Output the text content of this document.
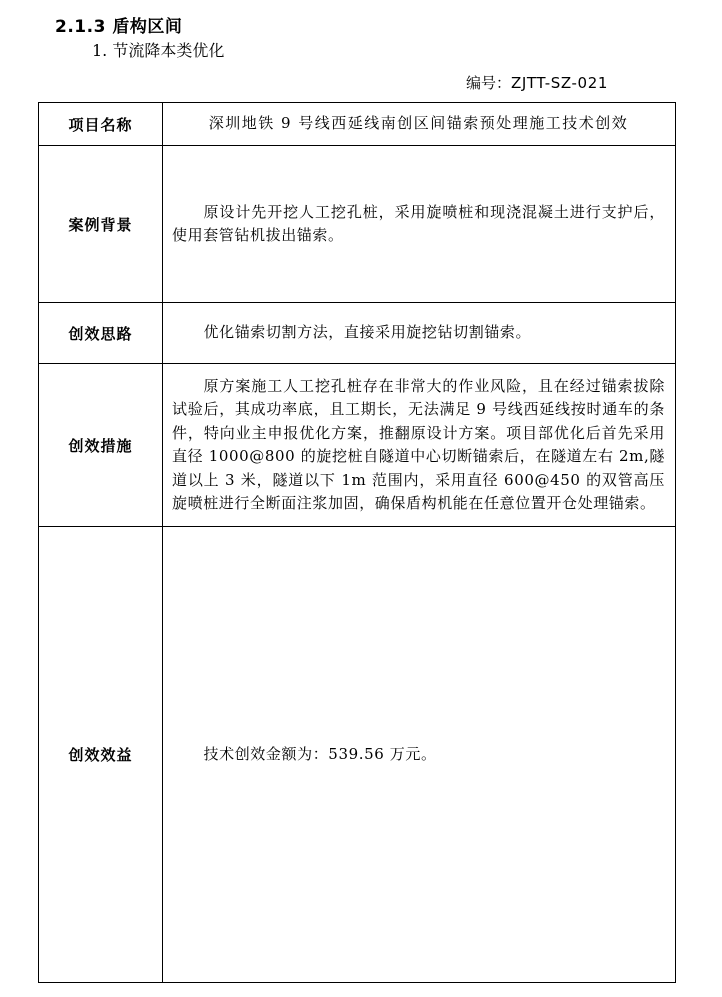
2.1.3 盾构区间
1. 节流降本类优化
编号：ZJTT-SZ-021
项目名称	深圳地铁 9 号线西延线南创区间锚索预处理施工技术创效
案例背景	原设计先开挖人工挖孔桩，采用旋喷桩和现浇混凝土进行支护后，使用套管钻机拔出锚索。

创效思路	优化锚索切割方法，直接采用旋挖钻切割锚索。

创效措施	原方案施工人工挖孔桩存在非常大的作业风险，且在经过锚索拔除试验后，其成功率底，且工期长，无法满足 9 号线西延线按时通车的条件，特向业主申报优化方案，推翻原设计方案。项目部优化后首先采用直径 1000@800 的旋挖桩自隧道中心切断锚索后，在隧道左右 2m,隧道以上 3 米，隧道以下 1m 范围内，采用直径 600@450 的双管高压旋喷桩进行全断面注浆加固，确保盾构机能在任意位置开仓处理锚索。

创效效益	技术创效金额为：539.56 万元。
